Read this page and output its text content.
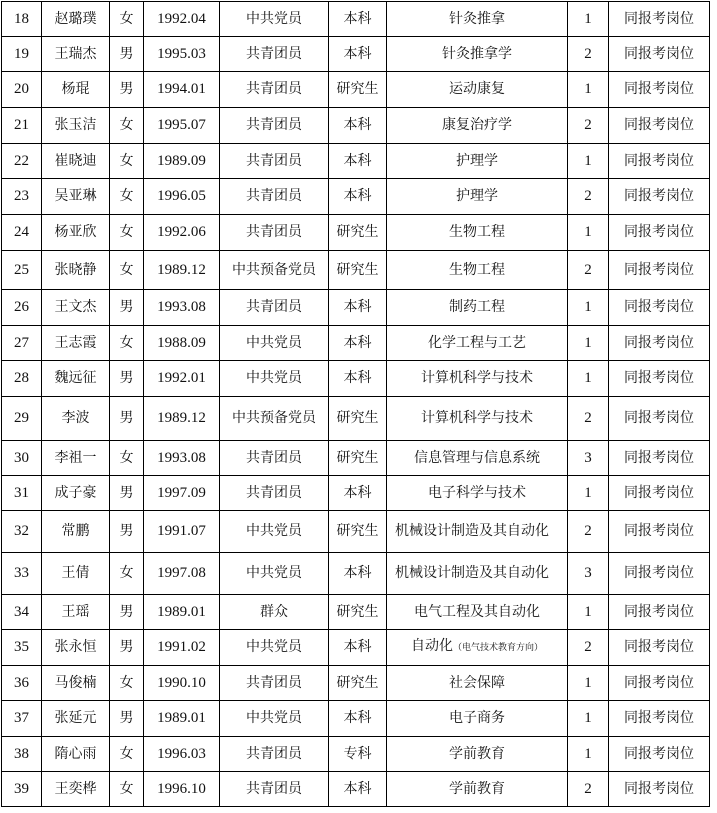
18	赵璐璞	女	1992.04	中共党员	本科	针灸推拿	1	同报考岗位
19	王瑞杰	男	1995.03	共青团员	本科	针灸推拿学	2	同报考岗位
20	杨琨	男	1994.01	共青团员	研究生	运动康复	1	同报考岗位
21	张玉洁	女	1995.07	共青团员	本科	康复治疗学	2	同报考岗位
22	崔晓迪	女	1989.09	共青团员	本科	护理学	1	同报考岗位
23	吴亚琳	女	1996.05	共青团员	本科	护理学	2	同报考岗位
24	杨亚欣	女	1992.06	共青团员	研究生	生物工程	1	同报考岗位
25	张晓静	女	1989.12	中共预备党员	研究生	生物工程	2	同报考岗位
26	王文杰	男	1993.08	共青团员	本科	制药工程	1	同报考岗位
27	王志霞	女	1988.09	中共党员	本科	化学工程与工艺	1	同报考岗位
28	魏远征	男	1992.01	中共党员	本科	计算机科学与技术	1	同报考岗位
29	李波	男	1989.12	中共预备党员	研究生	计算机科学与技术	2	同报考岗位
30	李祖一	女	1993.08	共青团员	研究生	信息管理与信息系统	3	同报考岗位
31	成子豪	男	1997.09	共青团员	本科	电子科学与技术	1	同报考岗位
32	常鹏	男	1991.07	中共党员	研究生	机械设计制造及其自动化	2	同报考岗位
33	王倩	女	1997.08	中共党员	本科	机械设计制造及其自动化	3	同报考岗位
34	王瑶	男	1989.01	群众	研究生	电气工程及其自动化	1	同报考岗位
35	张永恒	男	1991.02	中共党员	本科	自动化（电气技术教育方向）	2	同报考岗位
36	马俊楠	女	1990.10	共青团员	研究生	社会保障	1	同报考岗位
37	张延元	男	1989.01	中共党员	本科	电子商务	1	同报考岗位
38	隋心雨	女	1996.03	共青团员	专科	学前教育	1	同报考岗位
39	王奕桦	女	1996.10	共青团员	本科	学前教育	2	同报考岗位
